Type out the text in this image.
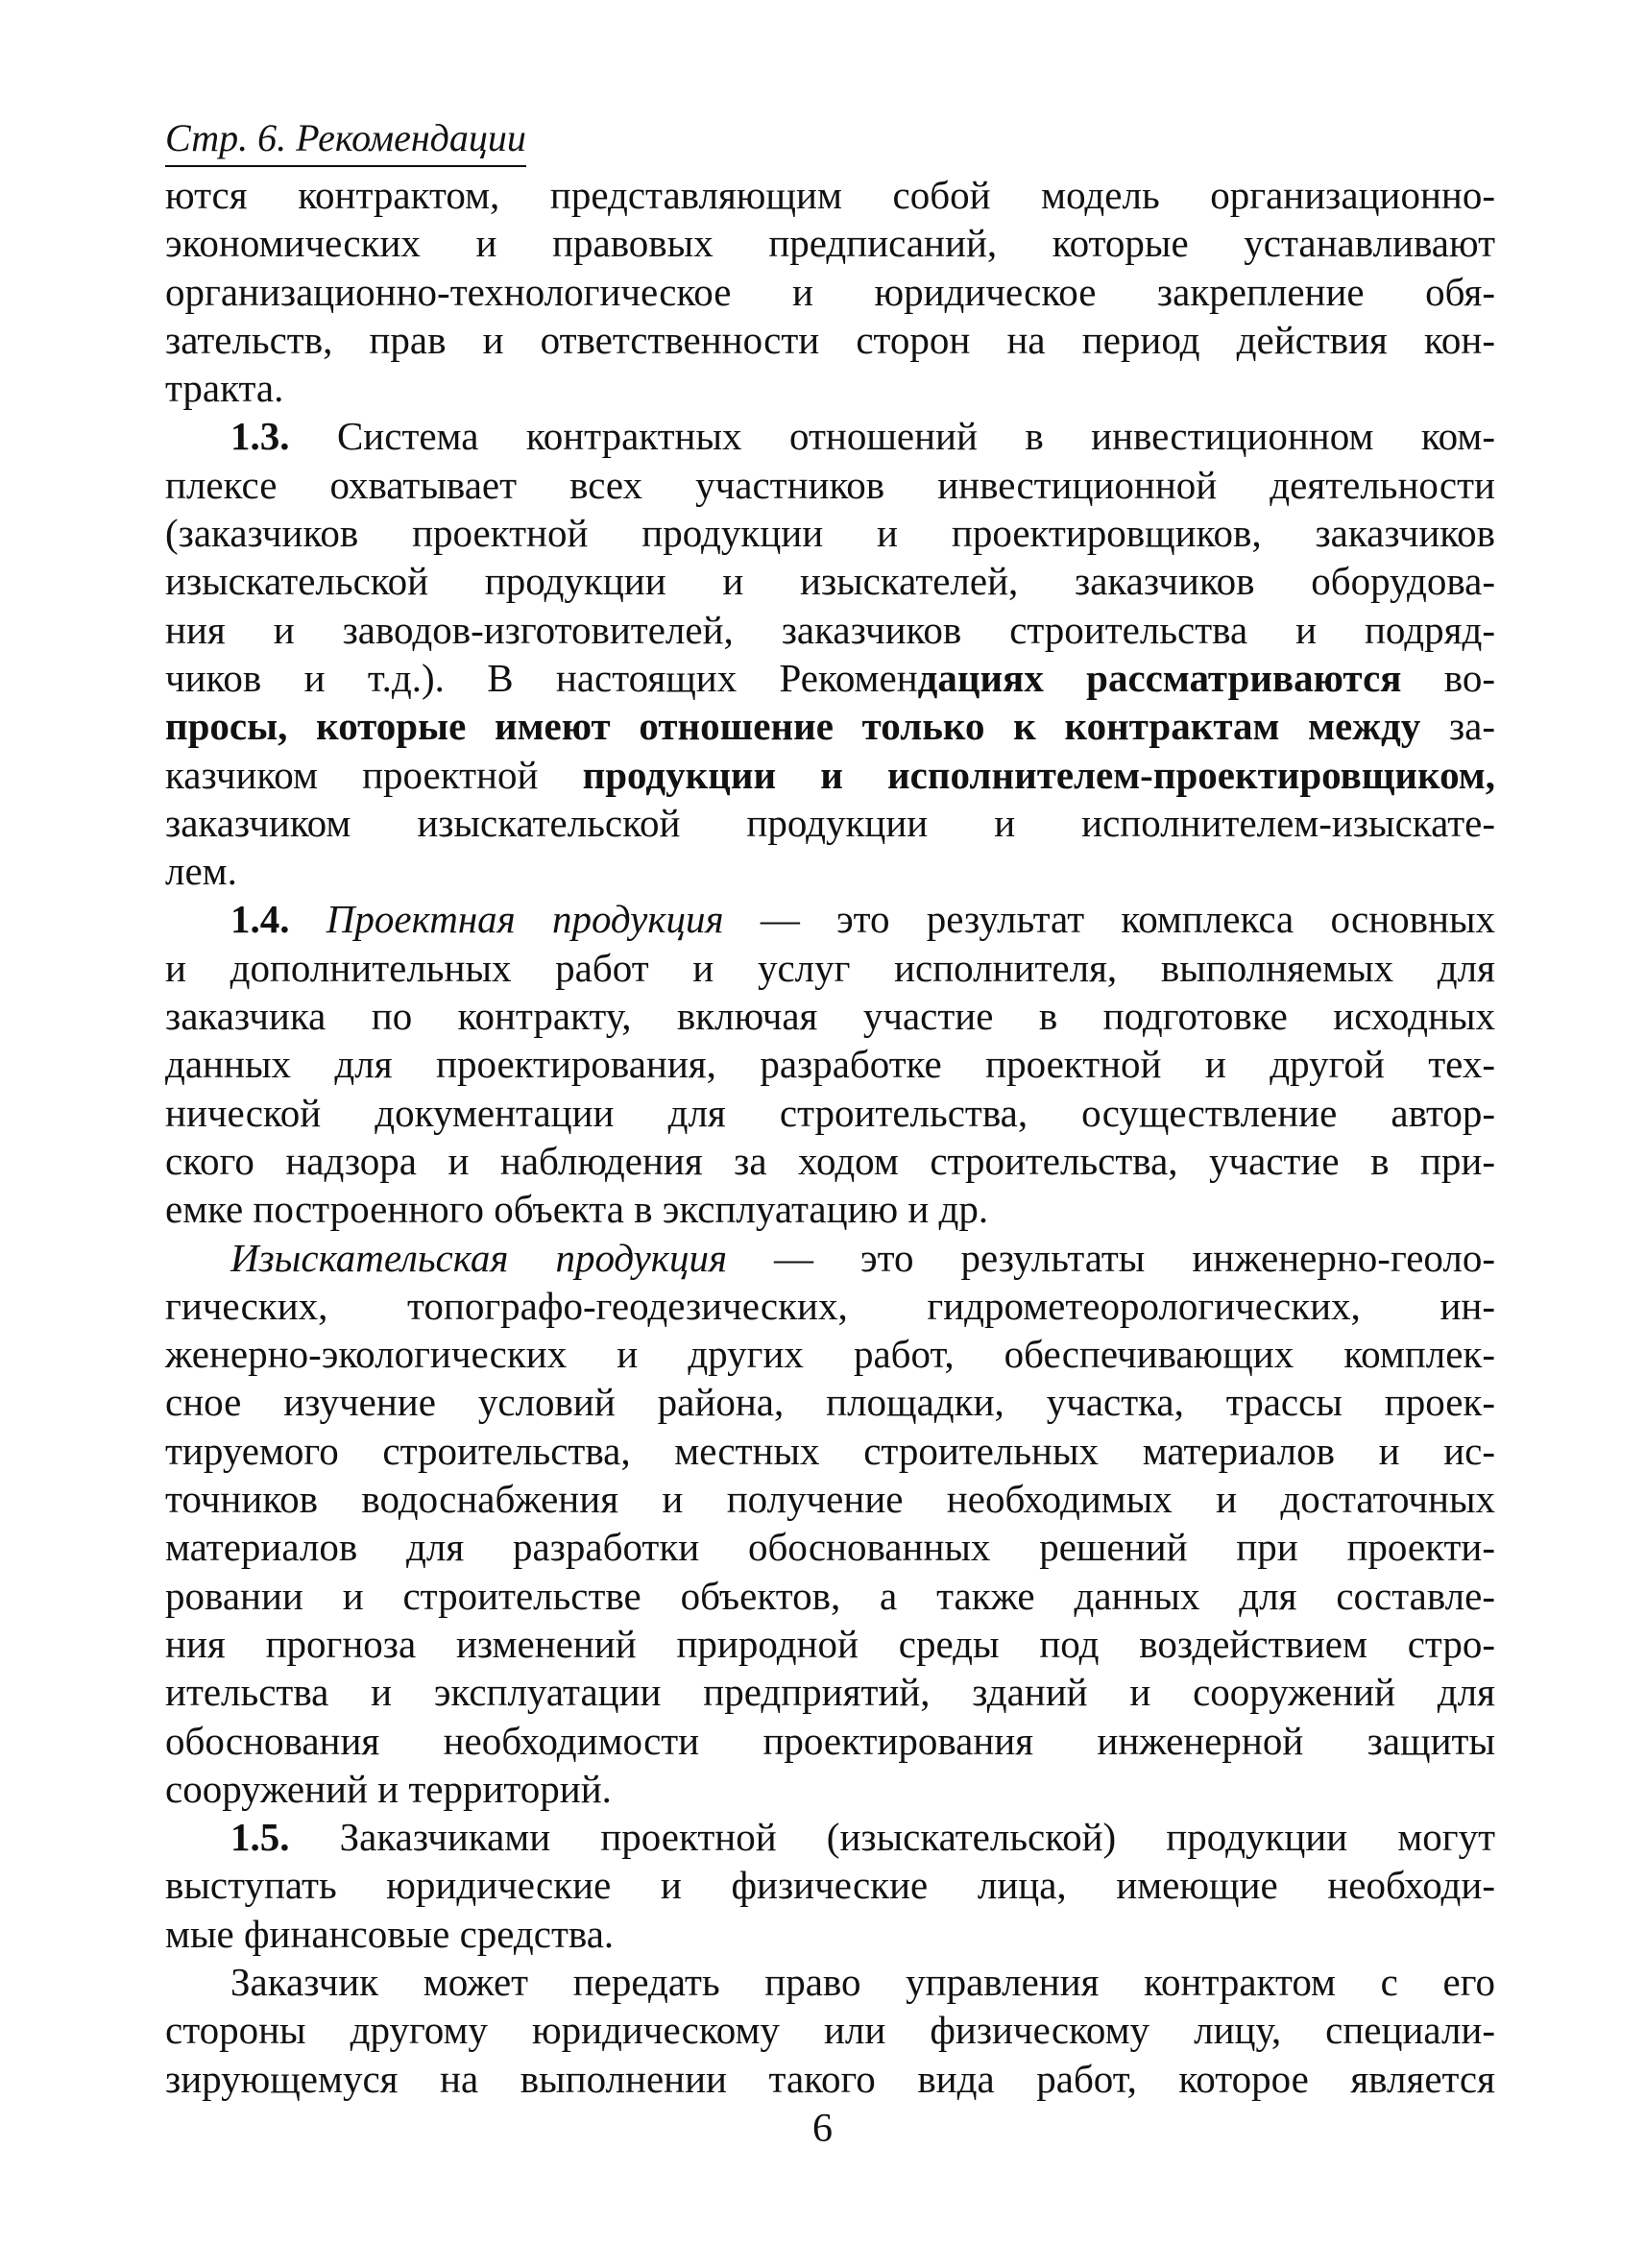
Стр. 6. Рекомендации
ются контрактом, представляющим собой модель организационно-
экономических и правовых предписаний, которые устанавливают
организационно-технологическое и юридическое закрепление обя-
зательств, прав и ответственности сторон на период действия кон-
тракта.
1.3. Система контрактных отношений в инвестиционном ком-
плексе охватывает всех участников инвестиционной деятельности
(заказчиков проектной продукции и проектировщиков, заказчиков
изыскательской продукции и изыскателей, заказчиков оборудова-
ния и заводов-изготовителей, заказчиков строительства и подряд-
чиков и т.д.). В настоящих Рекомендациях рассматриваются во-
просы, которые имеют отношение только к контрактам между за-
казчиком проектной продукции и исполнителем-проектировщиком,
заказчиком изыскательской продукции и исполнителем-изыскате-
лем.
1.4. Проектная продукция — это результат комплекса основных
и дополнительных работ и услуг исполнителя, выполняемых для
заказчика по контракту, включая участие в подготовке исходных
данных для проектирования, разработке проектной и другой тех-
нической документации для строительства, осуществление автор-
ского надзора и наблюдения за ходом строительства, участие в при-
емке построенного объекта в эксплуатацию и др.
Изыскательская продукция — это результаты инженерно-геоло-
гических, топографо-геодезических, гидрометеорологических, ин-
женерно-экологических и других работ, обеспечивающих комплек-
сное изучение условий района, площадки, участка, трассы проек-
тируемого строительства, местных строительных материалов и ис-
точников водоснабжения и получение необходимых и достаточных
материалов для разработки обоснованных решений при проекти-
ровании и строительстве объектов, а также данных для составле-
ния прогноза изменений природной среды под воздействием стро-
ительства и эксплуатации предприятий, зданий и сооружений для
обоснования необходимости проектирования инженерной защиты
сооружений и территорий.
1.5. Заказчиками проектной (изыскательской) продукции могут
выступать юридические и физические лица, имеющие необходи-
мые финансовые средства.
Заказчик может передать право управления контрактом с его
стороны другому юридическому или физическому лицу, специали-
зирующемуся на выполнении такого вида работ, которое является
6
